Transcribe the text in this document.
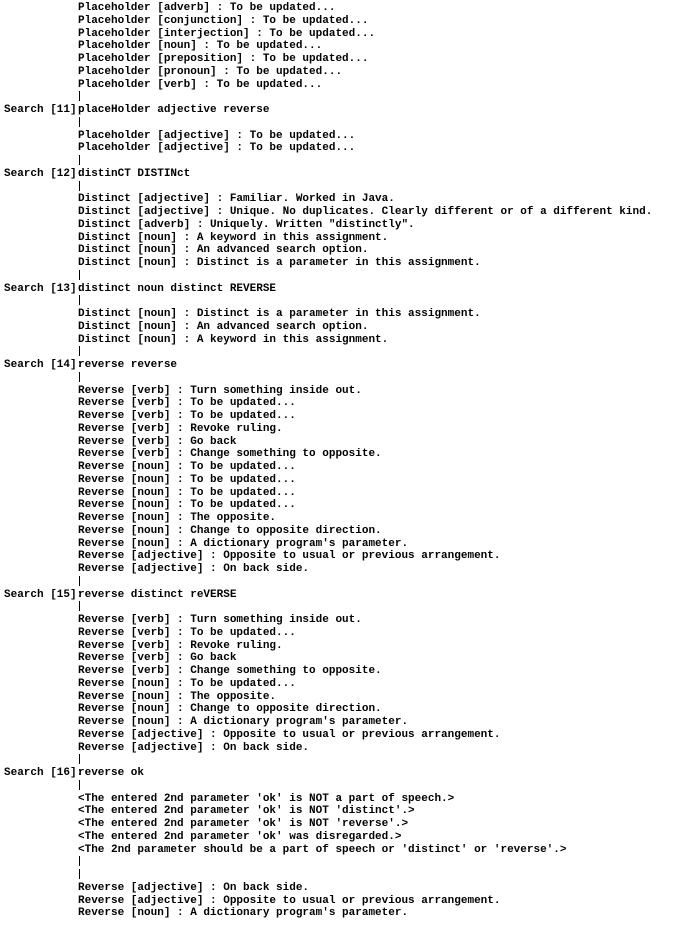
Placeholder [adverb] : To be updated...
Placeholder [conjunction] : To be updated...
Placeholder [interjection] : To be updated...
Placeholder [noun] : To be updated...
Placeholder [preposition] : To be updated...
Placeholder [pronoun] : To be updated...
Placeholder [verb] : To be updated...
Search [11]:placeHolder adjective reverse
Placeholder [adjective] : To be updated...
Placeholder [adjective] : To be updated...
Search [12]:distinCT DISTINct
Distinct [adjective] : Familiar. Worked in Java.
Distinct [adjective] : Unique. No duplicates. Clearly different or of a different kind.
Distinct [adverb] : Uniquely. Written "distinctly".
Distinct [noun] : A keyword in this assignment.
Distinct [noun] : An advanced search option.
Distinct [noun] : Distinct is a parameter in this assignment.
Search [13]:distinct noun distinct REVERSE
Distinct [noun] : Distinct is a parameter in this assignment.
Distinct [noun] : An advanced search option.
Distinct [noun] : A keyword in this assignment.
Search [14]:reverse reverse
Reverse [verb] : Turn something inside out.
Reverse [verb] : To be updated...
Reverse [verb] : To be updated...
Reverse [verb] : Revoke ruling.
Reverse [verb] : Go back
Reverse [verb] : Change something to opposite.
Reverse [noun] : To be updated...
Reverse [noun] : To be updated...
Reverse [noun] : To be updated...
Reverse [noun] : To be updated...
Reverse [noun] : The opposite.
Reverse [noun] : Change to opposite direction.
Reverse [noun] : A dictionary program's parameter.
Reverse [adjective] : Opposite to usual or previous arrangement.
Reverse [adjective] : On back side.
Search [15]:reverse distinct reVERSE
Reverse [verb] : Turn something inside out.
Reverse [verb] : To be updated...
Reverse [verb] : Revoke ruling.
Reverse [verb] : Go back
Reverse [verb] : Change something to opposite.
Reverse [noun] : To be updated...
Reverse [noun] : The opposite.
Reverse [noun] : Change to opposite direction.
Reverse [noun] : A dictionary program's parameter.
Reverse [adjective] : Opposite to usual or previous arrangement.
Reverse [adjective] : On back side.
Search [16]:reverse ok
<The entered 2nd parameter 'ok' is NOT a part of speech.>
<The entered 2nd parameter 'ok' is NOT 'distinct'.>
<The entered 2nd parameter 'ok' is NOT 'reverse'.>
<The entered 2nd parameter 'ok' was disregarded.>
<The 2nd parameter should be a part of speech or 'distinct' or 'reverse'.>
Reverse [adjective] : On back side.
Reverse [adjective] : Opposite to usual or previous arrangement.
Reverse [noun] : A dictionary program's parameter.
